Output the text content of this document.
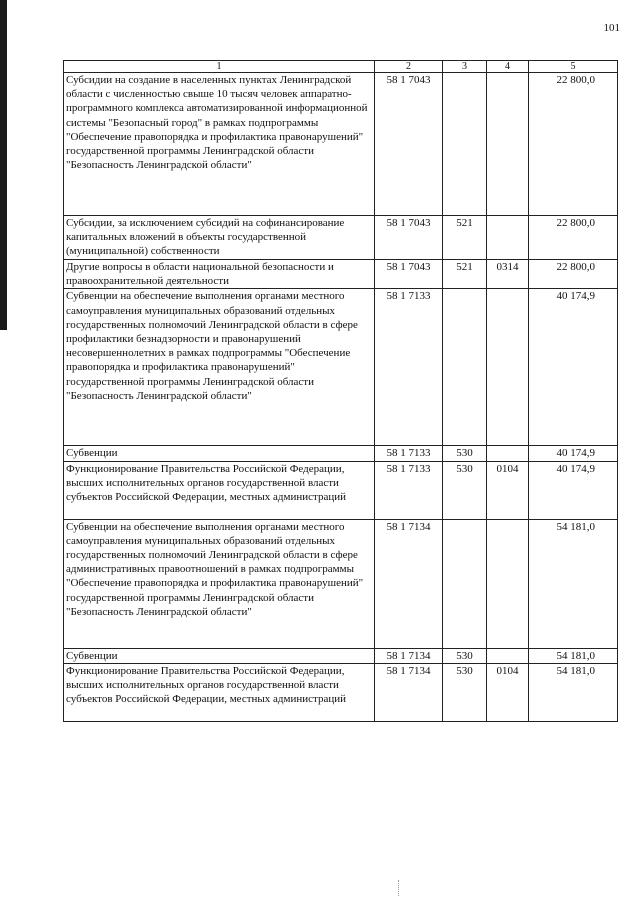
101
1	2	3	4	5
Субсидии на создание в населенных пунктах Ленинградской области с численностью свыше 10 тысяч человек аппаратно-программного комплекса автоматизированной информационной системы "Безопасный город" в рамках подпрограммы "Обеспечение правопорядка и профилактика правонарушений" государственной программы Ленинградской области "Безопасность Ленинградской области"	58 1 7043			22 800,0
Субсидии, за исключением субсидий на софинансирование капитальных вложений в объекты государственной (муниципальной) собственности	58 1 7043	521		22 800,0
Другие вопросы в области национальной безопасности и правоохранительной деятельности	58 1 7043	521	0314	22 800,0
Субвенции на обеспечение выполнения органами местного самоуправления муниципальных образований отдельных государственных полномочий Ленинградской области в сфере профилактики безнадзорности и правонарушений несовершеннолетних в рамках подпрограммы "Обеспечение правопорядка и профилактика правонарушений" государственной программы Ленинградской области "Безопасность Ленинградской области"	58 1 7133			40 174,9
Субвенции	58 1 7133	530		40 174,9
Функционирование Правительства Российской Федерации, высших исполнительных органов государственной власти субъектов Российской Федерации, местных администраций	58 1 7133	530	0104	40 174,9
Субвенции на обеспечение выполнения органами местного самоуправления муниципальных образований отдельных государственных полномочий Ленинградской области в сфере административных правоотношений в рамках подпрограммы "Обеспечение правопорядка и профилактика правонарушений" государственной программы Ленинградской области "Безопасность Ленинградской области"	58 1 7134			54 181,0
Субвенции	58 1 7134	530		54 181,0
Функционирование Правительства Российской Федерации, высших исполнительных органов государственной власти субъектов Российской Федерации, местных администраций	58 1 7134	530	0104	54 181,0
